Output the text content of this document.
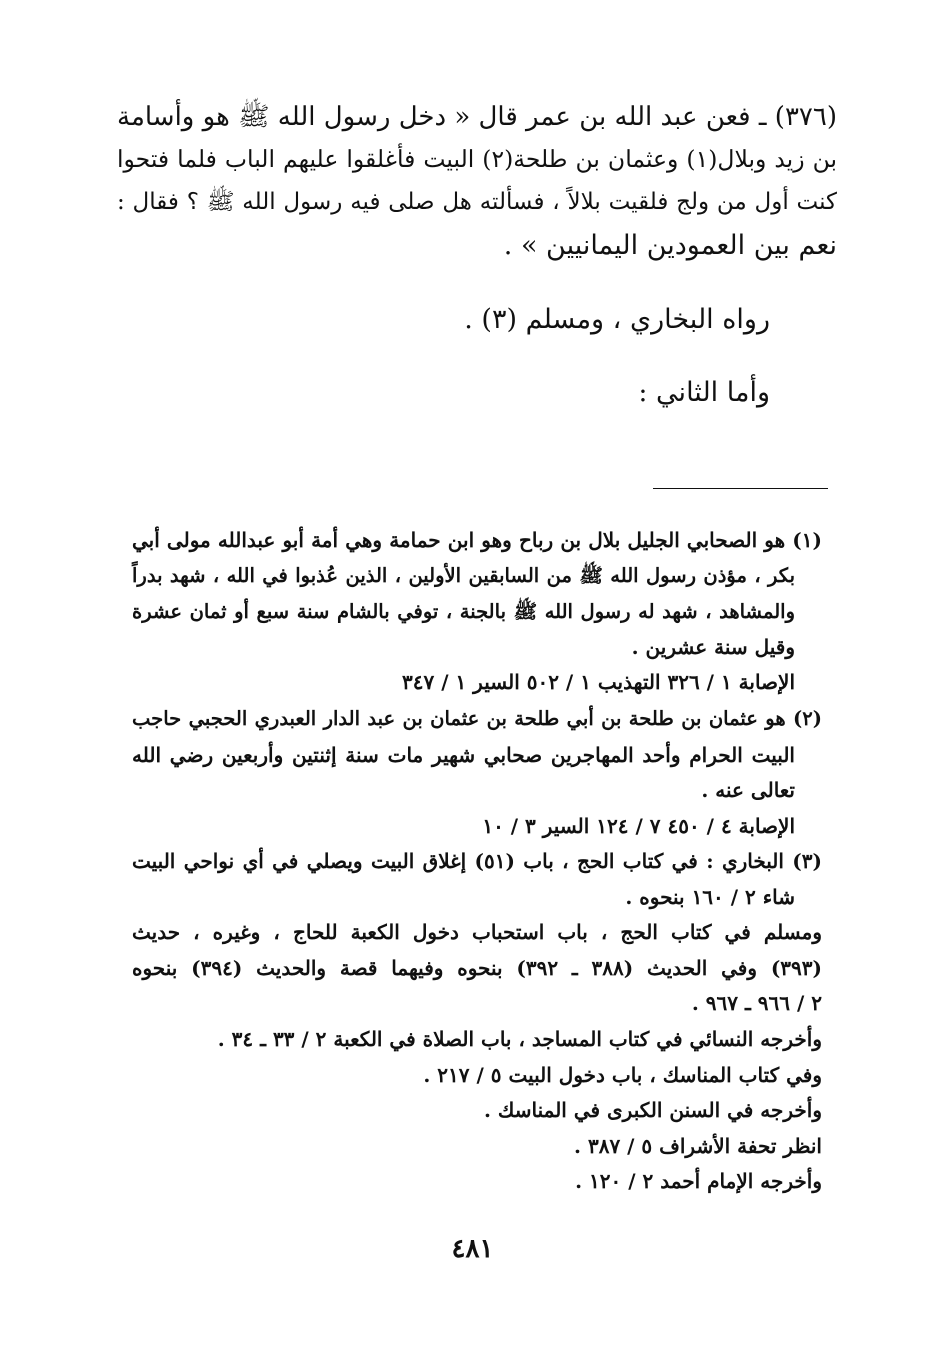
(٣٧٦) ـ فعن عبد الله بن عمر قال « دخل رسول الله ﷺ هو وأسامة
بن زيد وبلال(١) وعثمان بن طلحة(٢) البيت فأغلقوا عليهم الباب فلما فتحوا
كنت أول من ولج فلقيت بلالاً ، فسألته هل صلى فيه رسول الله ﷺ ؟ فقال :
نعم بين العمودين اليمانيين » .
رواه البخاري ، ومسلم (٣) .
وأما الثاني :
(١) هو الصحابي الجليل بلال بن رباح وهو ابن حمامة وهي أمة أبو عبدالله مولى أبي
بكر ، مؤذن رسول الله ﷺ من السابقين الأولين ، الذين عُذبوا في الله ، شهد بدراً
والمشاهد ، شهد له رسول الله ﷺ بالجنة ، توفي بالشام سنة سبع أو ثمان عشرة
وقيل سنة عشرين .
الإصابة ١ / ٣٢٦ التهذيب ١ / ٥٠٢ السير ١ / ٣٤٧
(٢) هو عثمان بن طلحة بن أبي طلحة بن عثمان بن عبد الدار العبدري الحجبي حاجب
البيت الحرام وأحد المهاجرين صحابي شهير مات سنة إثنتين وأربعين رضي الله
تعالى عنه .
الإصابة ٤ / ٤٥٠ ٧ / ١٢٤ السير ٣ / ١٠
(٣) البخاري : في كتاب الحج ، باب (٥١) إغلاق البيت ويصلي في أي نواحي البيت
شاء ٢ / ١٦٠ بنحوه .
ومسلم في كتاب الحج ، باب استحباب دخول الكعبة للحاج ، وغيره ، حديث
(٣٩٣) وفي الحديث (٣٨٨ ـ ٣٩٢) بنحوه وفيهما قصة والحديث (٣٩٤) بنحوه
٢ / ٩٦٦ ـ ٩٦٧ .
وأخرجه النسائي في كتاب المساجد ، باب الصلاة في الكعبة ٢ / ٣٣ ـ ٣٤ .
وفي كتاب المناسك ، باب دخول البيت ٥ / ٢١٧ .
وأخرجه في السنن الكبرى في المناسك .
انظر تحفة الأشراف ٥ / ٣٨٧ .
وأخرجه الإمام أحمد ٢ / ١٢٠ .
٤٨١
